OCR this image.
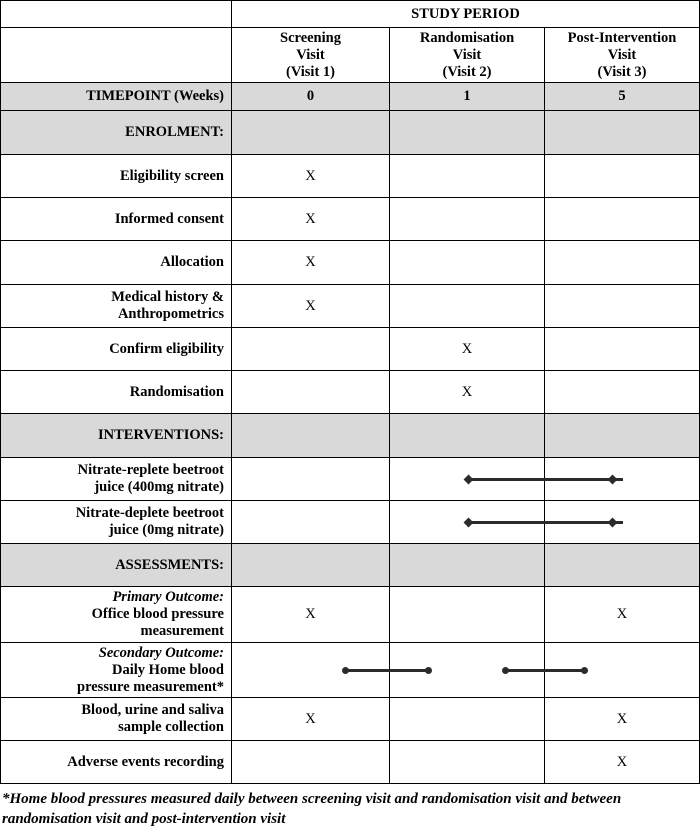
	STUDY PERIOD		
	Screening
Visit
(Visit 1)	Randomisation
Visit
(Visit 2)	Post-Intervention
Visit
(Visit 3)
TIMEPOINT (Weeks)	0	1	5
ENROLMENT:			
Eligibility screen	X		
Informed consent	X		
Allocation	X		
Medical history &
Anthropometrics	X		
Confirm eligibility		X	
Randomisation		X	
INTERVENTIONS:			
Nitrate-replete beetroot
juice (400mg nitrate)		

Nitrate-deplete beetroot
juice (0mg nitrate)		

ASSESSMENTS:			

Primary Outcome:
Office blood pressure
measurement	X		X

Secondary Outcome:
Daily Home blood
pressure measurement*	

Blood, urine and saliva
sample collection	X		X
Adverse events recording			X
*Home blood pressures measured daily between screening visit and randomisation visit and between randomisation visit and post-intervention visit
